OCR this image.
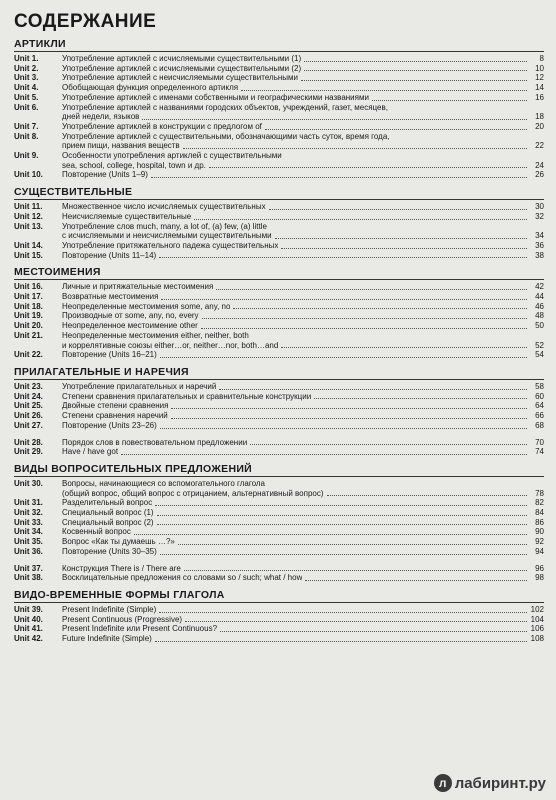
СОДЕРЖАНИЕ
АРТИКЛИ
Unit 1.	Употребление артиклей с исчисляемыми существительными (1)	8
Unit 2.	Употребление артиклей с исчисляемыми существительными (2)	10
Unit 3.	Употребление артиклей с неисчисляемыми существительными	12
Unit 4.	Обобщающая функция определенного артикля	14
Unit 5.	Употребление артиклей с именами собственными и географическими названиями	16
Unit 6.	Употребление артиклей с названиями городских объектов, учреждений, газет, месяцев,
дней недели, языков	18
Unit 7.	Употребление артиклей в конструкции с предлогом of	20
Unit 8.	Употребление артиклей с существительными, обозначающими часть суток, время года,
прием пищи, названия веществ	22
Unit 9.	Особенности употребления артиклей с существительными
sea, school, college, hospital, town и др.	24
Unit 10.	Повторение (Units 1–9)	26
СУЩЕСТВИТЕЛЬНЫЕ
Unit 11.	Множественное число исчисляемых существительных	30
Unit 12.	Неисчисляемые существительные	32
Unit 13.	Употребление слов much, many, a lot of, (a) few, (a) little
с исчисляемыми и неисчисляемыми существительными	34
Unit 14.	Употребление притяжательного падежа существительных	36
Unit 15.	Повторение (Units 11–14)	38
МЕСТОИМЕНИЯ
Unit 16.	Личные и притяжательные местоимения	42
Unit 17.	Возвратные местоимения	44
Unit 18.	Неопределенные местоимения some, any, no	46
Unit 19.	Производные от some, any, no, every	48
Unit 20.	Неопределенное местоимение other	50
Unit 21.	Неопределенные местоимения either, neither, both
и коррелятивные союзы either…or, neither…nor, both…and	52
Unit 22.	Повторение (Units 16–21)	54
ПРИЛАГАТЕЛЬНЫЕ И НАРЕЧИЯ
Unit 23.	Употребление прилагательных и наречий	58
Unit 24.	Степени сравнения прилагательных и сравнительные конструкции	60
Unit 25.	Двойные степени сравнения	64
Unit 26.	Степени сравнения наречий	66
Unit 27.	Повторение (Units 23–26)	68
Unit 28.	Порядок слов в повествовательном предложении	70
Unit 29.	Have / have got	74
ВИДЫ ВОПРОСИТЕЛЬНЫХ ПРЕДЛОЖЕНИЙ
Unit 30.	Вопросы, начинающиеся со вспомогательного глагола
(общий вопрос, общий вопрос с отрицанием, альтернативный вопрос)	78
Unit 31.	Разделительный вопрос	82
Unit 32.	Специальный вопрос (1)	84
Unit 33.	Специальный вопрос (2)	86
Unit 34.	Косвенный вопрос	90
Unit 35.	Вопрос «Как ты думаешь …?»	92
Unit 36.	Повторение (Units 30–35)	94
Unit 37.	Конструкция There is / There are	96
Unit 38.	Восклицательные предложения со словами so / such; what / how	98
ВИДО-ВРЕМЕННЫЕ ФОРМЫ ГЛАГОЛА
Unit 39.	Present Indefinite (Simple)	102
Unit 40.	Present Continuous (Progressive)	104
Unit 41.	Present Indefinite или Present Continuous?	106
Unit 42.	Future Indefinite (Simple)	108
л лабиринт.ру
